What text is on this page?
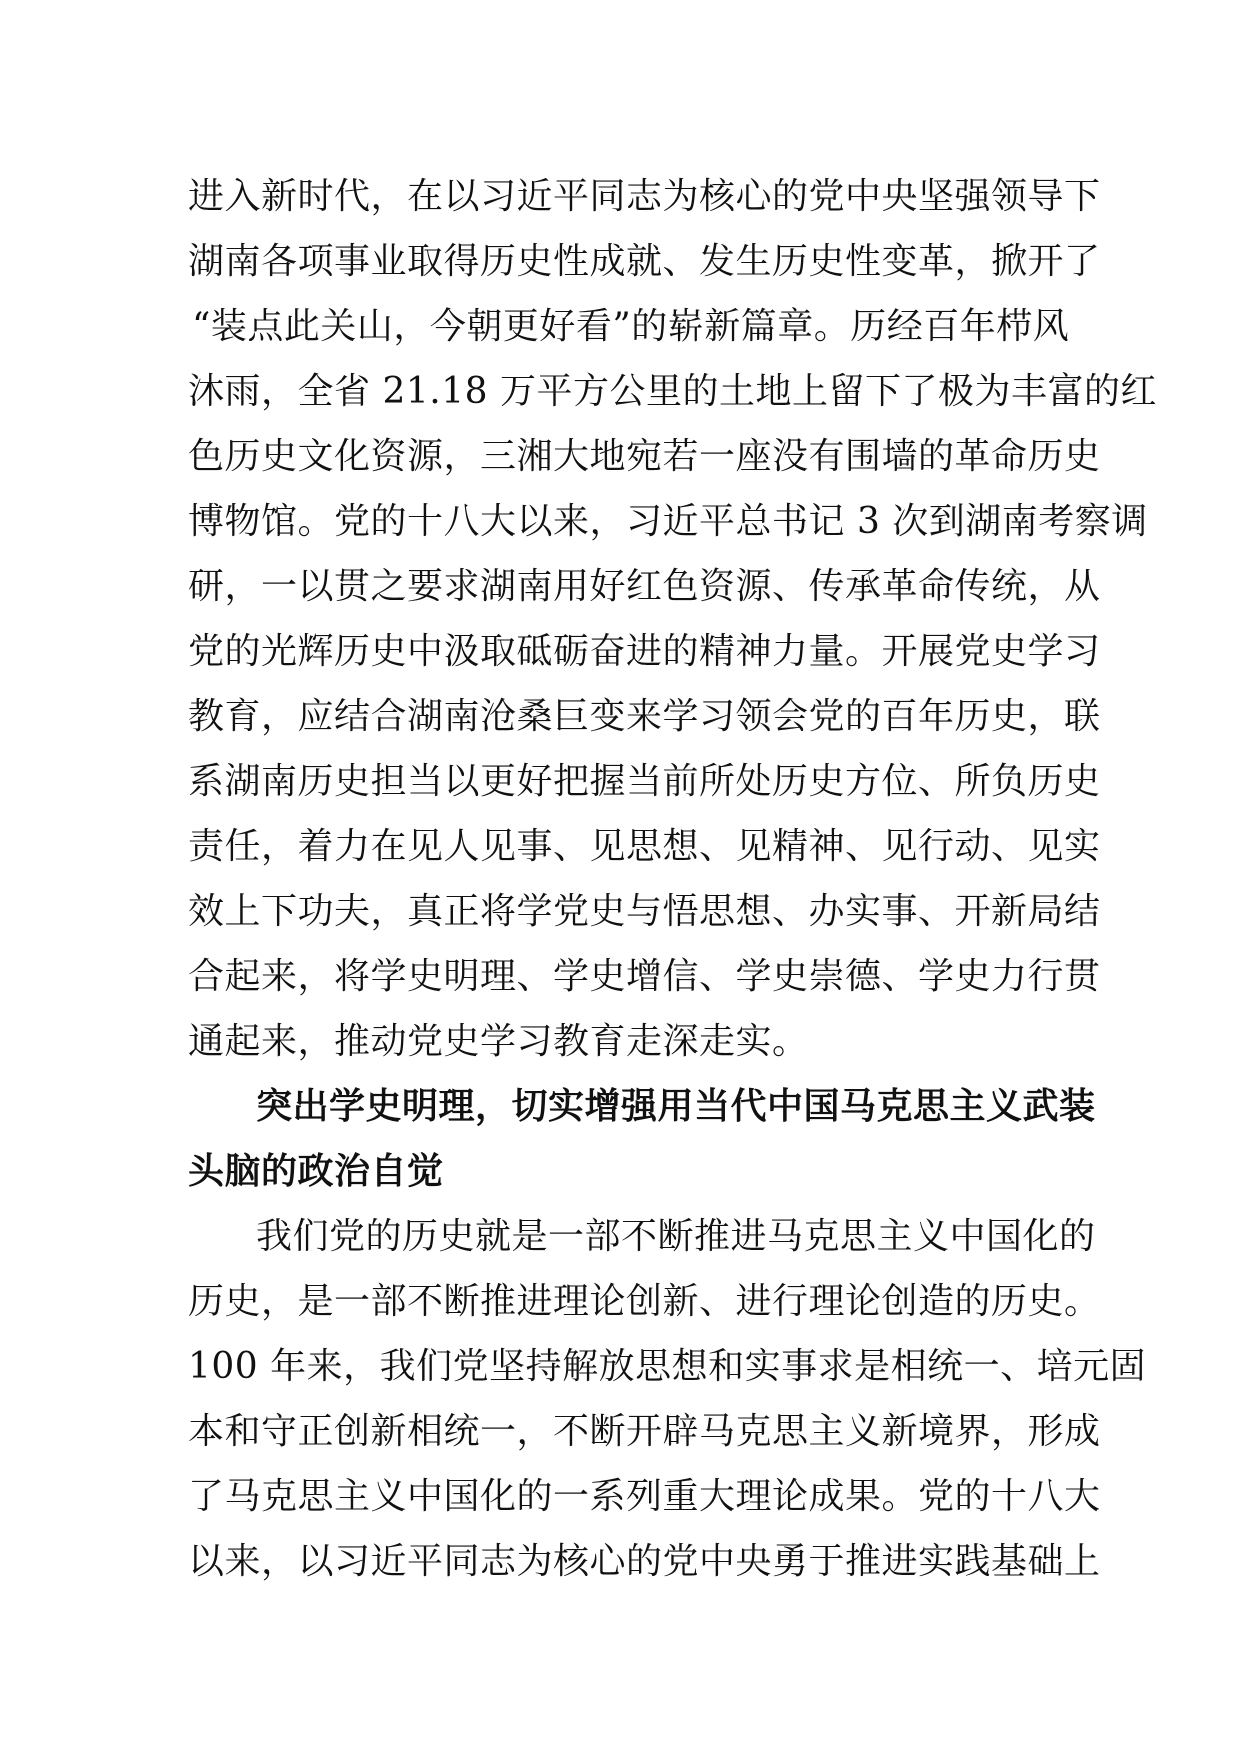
进入新时代，在以习近平同志为核心的党中央坚强领导下
湖南各项事业取得历史性成就、发生历史性变革，掀开了
“装点此关山，今朝更好看”的崭新篇章。历经百年栉风
沐雨，全省 21.18 万平方公里的土地上留下了极为丰富的红
色历史文化资源，三湘大地宛若一座没有围墙的革命历史
博物馆。党的十八大以来，习近平总书记 3 次到湖南考察调
研，一以贯之要求湖南用好红色资源、传承革命传统，从
党的光辉历史中汲取砥砺奋进的精神力量。开展党史学习
教育，应结合湖南沧桑巨变来学习领会党的百年历史，联
系湖南历史担当以更好把握当前所处历史方位、所负历史
责任，着力在见人见事、见思想、见精神、见行动、见实
效上下功夫，真正将学党史与悟思想、办实事、开新局结
合起来，将学史明理、学史增信、学史崇德、学史力行贯
通起来，推动党史学习教育走深走实。
突出学史明理，切实增强用当代中国马克思主义武装
头脑的政治自觉
我们党的历史就是一部不断推进马克思主义中国化的
历史，是一部不断推进理论创新、进行理论创造的历史。
100 年来，我们党坚持解放思想和实事求是相统一、培元固
本和守正创新相统一，不断开辟马克思主义新境界，形成
了马克思主义中国化的一系列重大理论成果。党的十八大
以来，以习近平同志为核心的党中央勇于推进实践基础上
